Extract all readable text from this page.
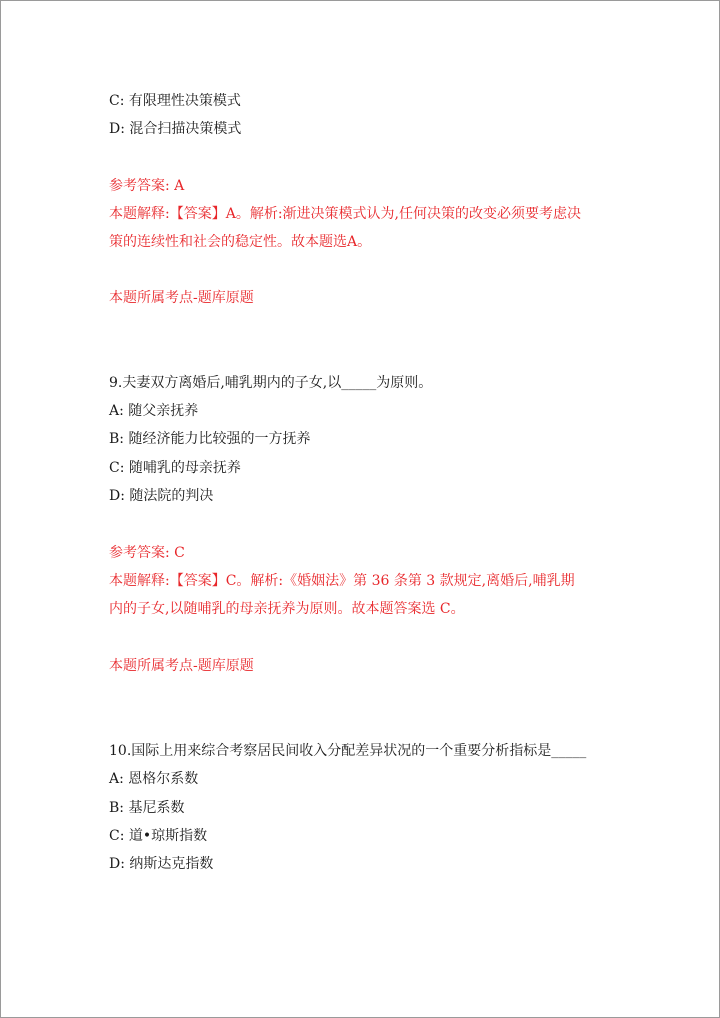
C: 有限理性决策模式
D: 混合扫描决策模式
参考答案: A
本题解释:【答案】A。解析:渐进决策模式认为,任何决策的改变必须要考虑决
策的连续性和社会的稳定性。故本题选A。
本题所属考点-题库原题
9.夫妻双方离婚后,哺乳期内的子女,以_____为原则。
A: 随父亲抚养
B: 随经济能力比较强的一方抚养
C: 随哺乳的母亲抚养
D: 随法院的判决
参考答案: C
本题解释:【答案】C。解析:《婚姻法》第 36 条第 3 款规定,离婚后,哺乳期
内的子女,以随哺乳的母亲抚养为原则。故本题答案选 C。
本题所属考点-题库原题
10.国际上用来综合考察居民间收入分配差异状况的一个重要分析指标是_____
A: 恩格尔系数
B: 基尼系数
C: 道•琼斯指数
D: 纳斯达克指数
